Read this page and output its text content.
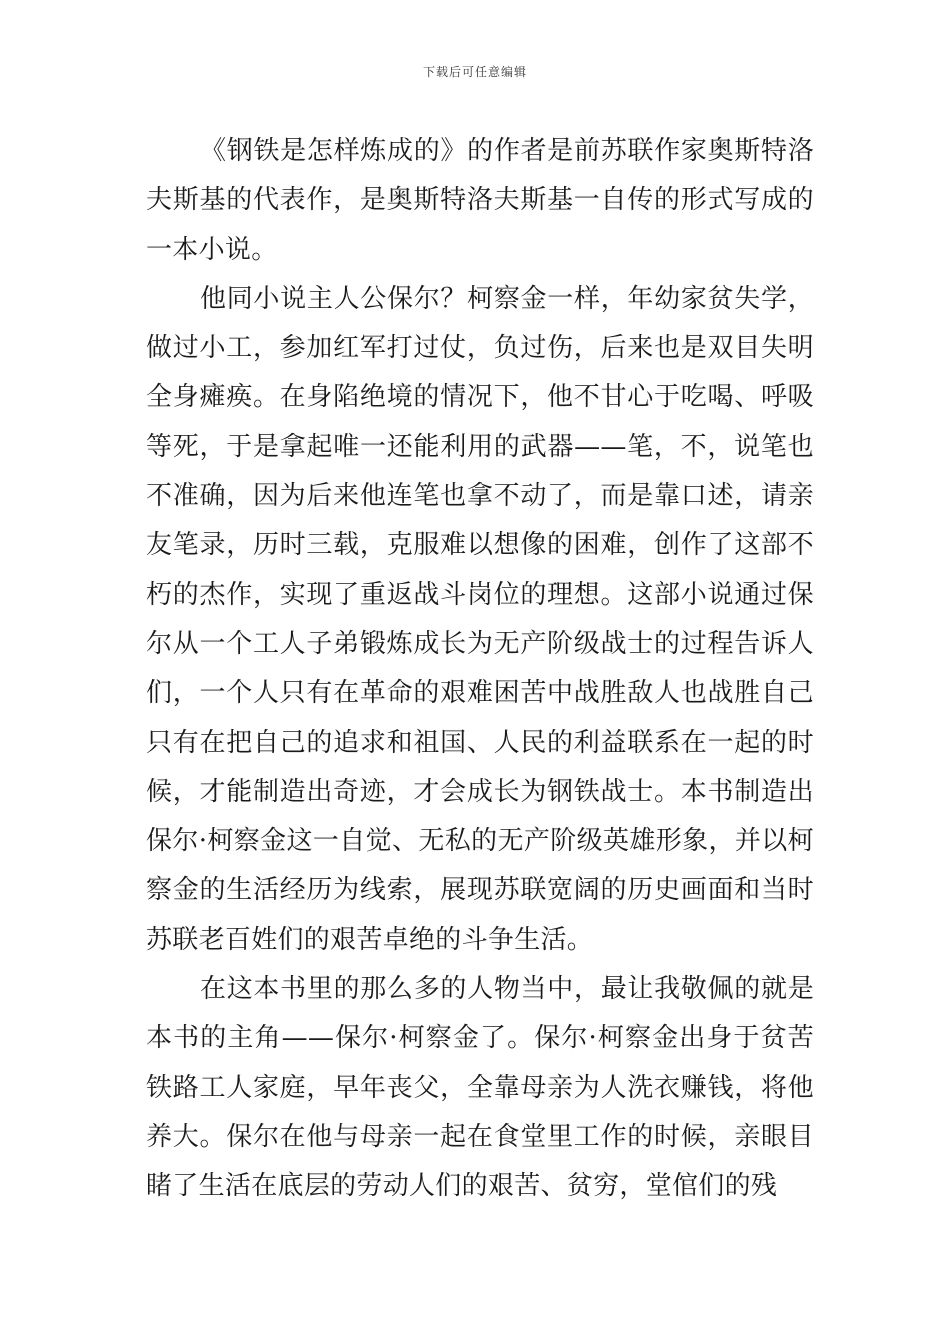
下载后可任意编辑

《钢铁是怎样炼成的》的作者是前苏联作家奥斯特洛夫斯基的代表作，是奥斯特洛夫斯基一自传的形式写成的一本小说。

他同小说主人公保尔？柯察金一样，年幼家贫失学，做过小工，参加红军打过仗，负过伤，后来也是双目失明全身瘫痪。在身陷绝境的情况下，他不甘心于吃喝、呼吸等死，于是拿起唯一还能利用的武器——笔，不，说笔也不准确，因为后来他连笔也拿不动了，而是靠口述，请亲友笔录，历时三载，克服难以想像的困难，创作了这部不朽的杰作，实现了重返战斗岗位的理想。这部小说通过保尔从一个工人子弟锻炼成长为无产阶级战士的过程告诉人们，一个人只有在革命的艰难困苦中战胜敌人也战胜自己只有在把自己的追求和祖国、人民的利益联系在一起的时候，才能制造出奇迹，才会成长为钢铁战士。本书制造出保尔·柯察金这一自觉、无私的无产阶级英雄形象，并以柯察金的生活经历为线索，展现苏联宽阔的历史画面和当时苏联老百姓们的艰苦卓绝的斗争生活。

在这本书里的那么多的人物当中，最让我敬佩的就是本书的主角——保尔·柯察金了。保尔·柯察金出身于贫苦铁路工人家庭，早年丧父，全靠母亲为人洗衣赚钱，将他养大。保尔在他与母亲一起在食堂里工作的时候，亲眼目睹了生活在底层的劳动人们的艰苦、贫穷，堂倌们的残
